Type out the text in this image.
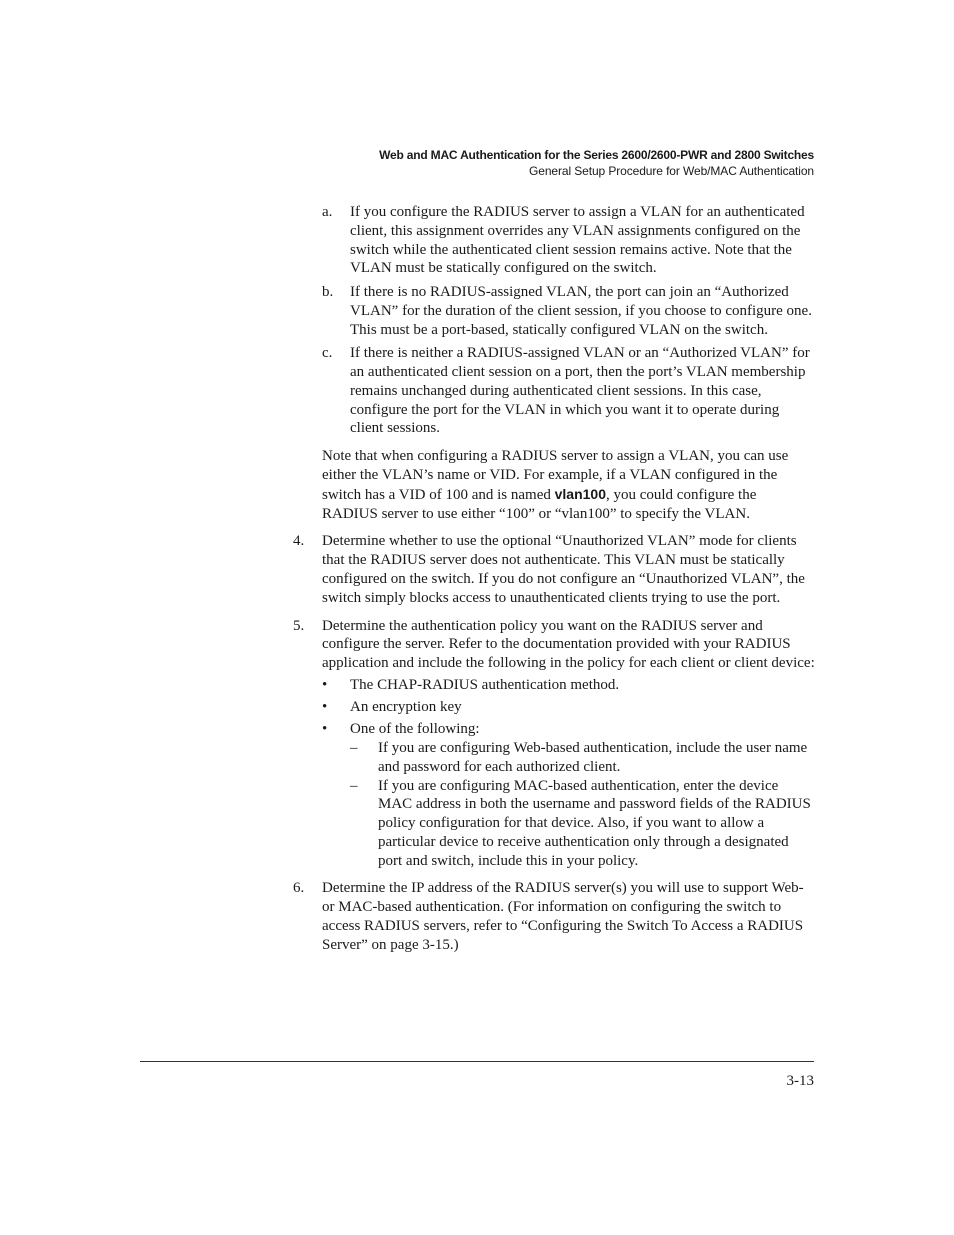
Web and MAC Authentication for the Series 2600/2600-PWR and 2800 Switches
General Setup Procedure for Web/MAC Authentication
a.	If you configure the RADIUS server to assign a VLAN for an authenticated client, this assignment overrides any VLAN assignments configured on the switch while the authenticated client session remains active. Note that the VLAN must be statically configured on the switch.
b.	If there is no RADIUS-assigned VLAN, the port can join an “Authorized VLAN” for the duration of the client session, if you choose to configure one. This must be a port-based, statically configured VLAN on the switch.
c.	If there is neither a RADIUS-assigned VLAN or an “Authorized VLAN” for an authenticated client session on a port, then the port’s VLAN membership remains unchanged during authenticated client sessions. In this case, configure the port for the VLAN in which you want it to operate during client sessions.

Note that when configuring a RADIUS server to assign a VLAN, you can use either the VLAN’s name or VID. For example, if a VLAN configured in the switch has a VID of 100 and is named vlan100, you could configure the RADIUS server to use either “100” or “vlan100” to specify the VLAN.

4.	Determine whether to use the optional “Unauthorized VLAN” mode for clients that the RADIUS server does not authenticate. This VLAN must be statically configured on the switch. If you do not configure an “Unauthorized VLAN”, the switch simply blocks access to unauthenticated clients trying to use the port.
5.	Determine the authentication policy you want on the RADIUS server and configure the server. Refer to the documentation provided with your RADIUS application and include the following in the policy for each client or client device:

•	The CHAP-RADIUS authentication method.
•	An encryption key
•	One of the following:

–	If you are configuring Web-based authentication, include the user name and password for each authorized client.
–	If you are configuring MAC-based authentication, enter the device MAC address in both the username and password fields of the RADIUS policy configuration for that device. Also, if you want to allow a particular device to receive authentication only through a designated port and switch, include this in your policy.
6.	Determine the IP address of the RADIUS server(s) you will use to support Web- or MAC-based authentication. (For information on configuring the switch to access RADIUS servers, refer to “Configuring the Switch To Access a RADIUS Server” on page 3-15.)
3-13
